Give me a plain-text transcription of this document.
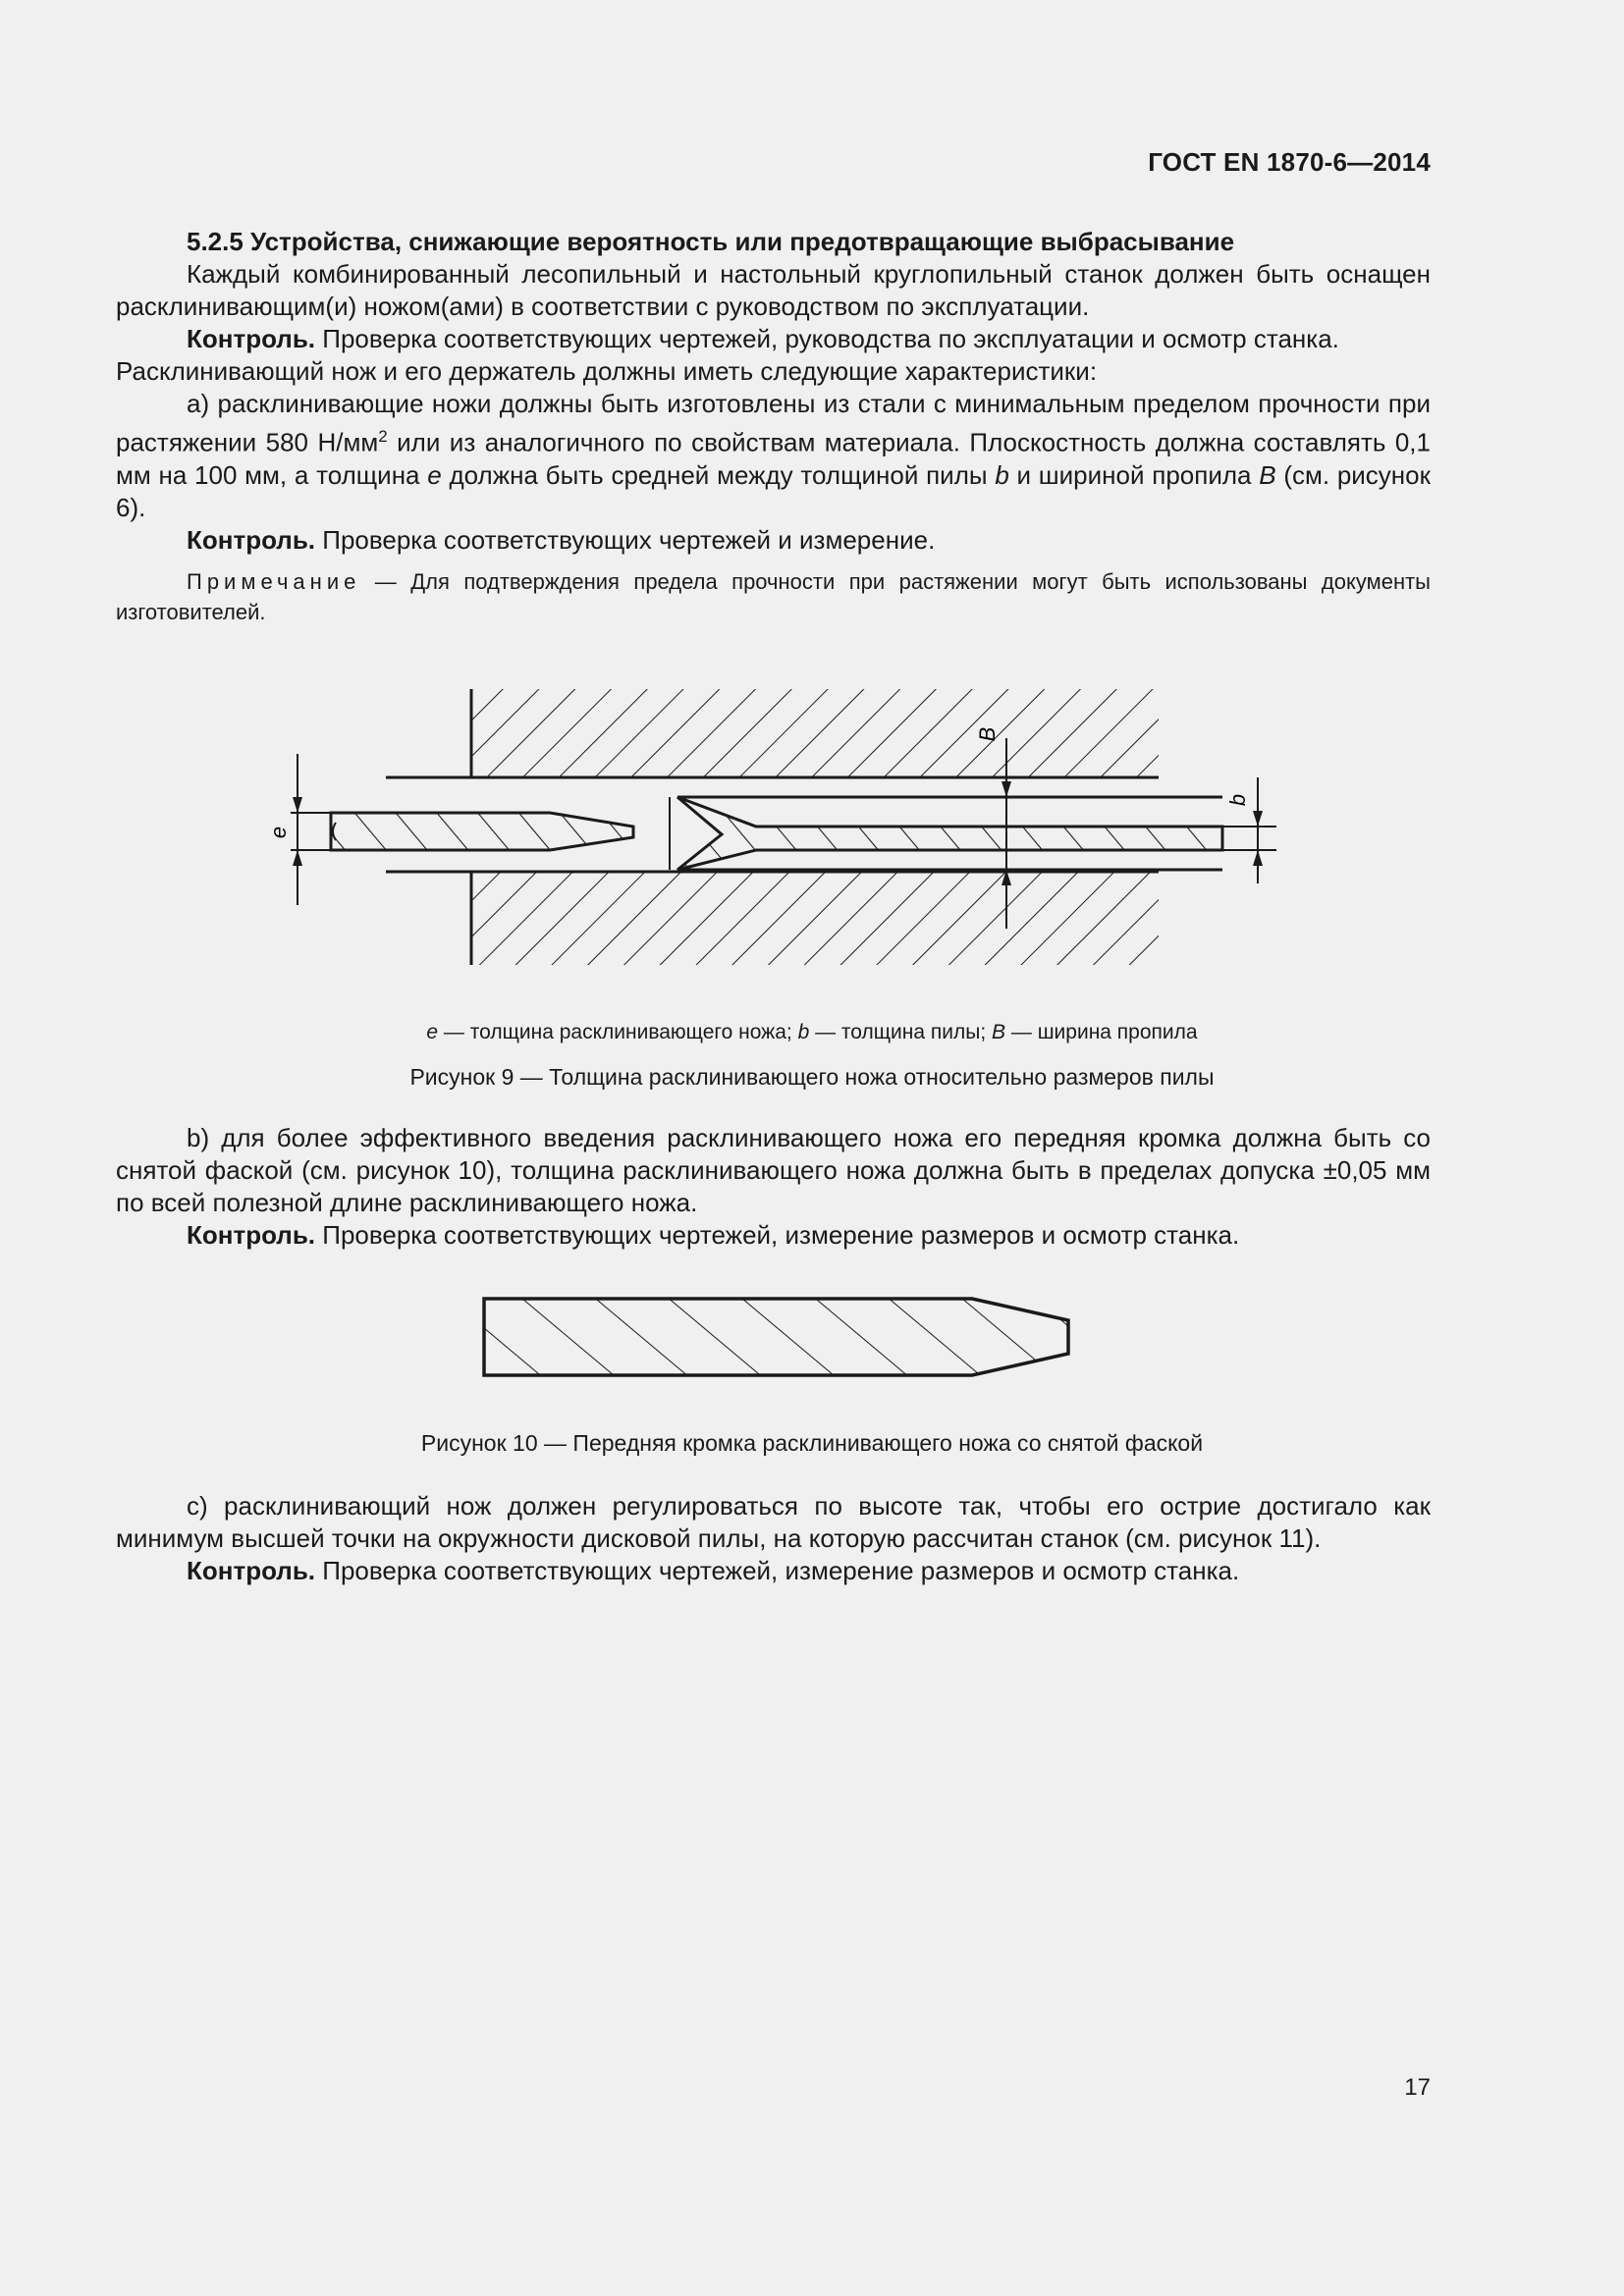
ГОСТ EN 1870-6—2014

5.2.5 Устройства, снижающие вероятность или предотвращающие выбрасывание

Каждый комбинированный лесопильный и настольный круглопильный станок должен быть оснащен расклинивающим(и) ножом(ами) в соответствии с руководством по эксплуатации.

Контроль. Проверка соответствующих чертежей, руководства по эксплуатации и осмотр станка.

Расклинивающий нож и его держатель должны иметь следующие характеристики:

а) расклинивающие ножи должны быть изготовлены из стали с минимальным пределом прочности при растяжении 580 $Н/мм^2$ или из аналогичного по свойствам материала. Плоскостность должна составлять 0,1 мм на 100 мм, а толщина e должна быть средней между толщиной пилы b и шириной пропила B (см. рисунок 6).

Контроль. Проверка соответствующих чертежей и измерение.

Примечание — Для подтверждения предела прочности при растяжении могут быть использованы документы изготовителей.

e
B
b
e — толщина расклинивающего ножа; b — толщина пилы; B — ширина пропила
Рисунок 9 — Толщина расклинивающего ножа относительно размеров пилы

b) для более эффективного введения расклинивающего ножа его передняя кромка должна быть со снятой фаской (см. рисунок 10), толщина расклинивающего ножа должна быть в пределах допуска ±0,05 мм по всей полезной длине расклинивающего ножа.

Контроль. Проверка соответствующих чертежей, измерение размеров и осмотр станка.

Рисунок 10 — Передняя кромка расклинивающего ножа со снятой фаской

c) расклинивающий нож должен регулироваться по высоте так, чтобы его острие достигало как минимум высшей точки на окружности дисковой пилы, на которую рассчитан станок (см. рисунок 11).

Контроль. Проверка соответствующих чертежей, измерение размеров и осмотр станка.

17
